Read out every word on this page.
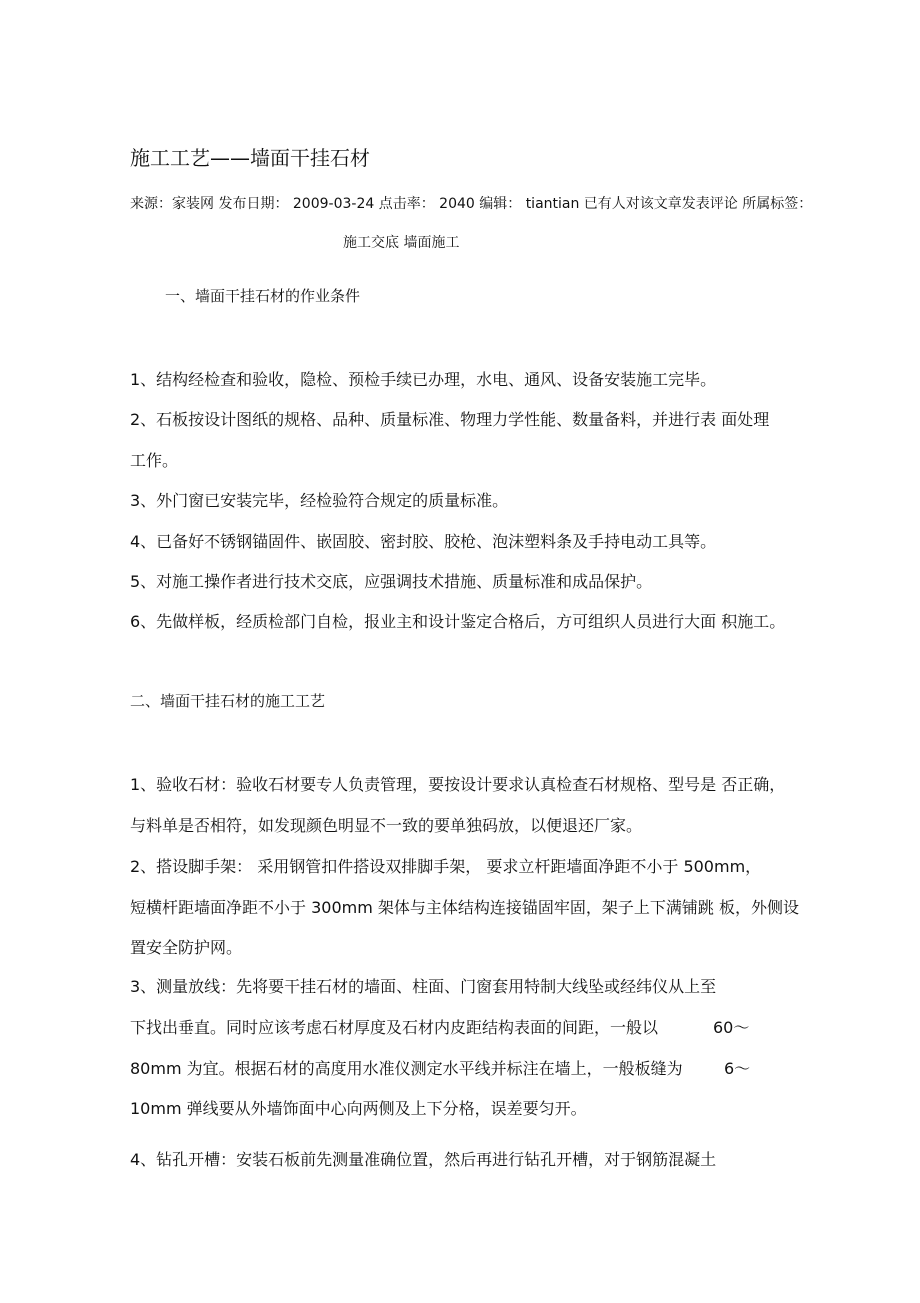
施工工艺——墙面干挂石材
来源：家装网 发布日期： 2009-03-24 点击率： 2040 编辑： tiantian 已有人对该文章发表评论 所属标签：
施工交底 墙面施工
一、墙面干挂石材的作业条件
1、结构经检查和验收，隐检、预检手续已办理，水电、通风、设备安装施工完毕。
2、石板按设计图纸的规格、品种、质量标准、物理力学性能、数量备料，并进行表 面处理
工作。
3、外门窗已安装完毕，经检验符合规定的质量标准。
4、已备好不锈钢锚固件、嵌固胶、密封胶、胶枪、泡沫塑料条及手持电动工具等。
5、对施工操作者进行技术交底，应强调技术措施、质量标准和成品保护。
6、先做样板，经质检部门自检，报业主和设计鉴定合格后，方可组织人员进行大面 积施工。
二、墙面干挂石材的施工工艺
1、验收石材：验收石材要专人负责管理，要按设计要求认真检查石材规格、型号是 否正确，
与料单是否相符，如发现颜色明显不一致的要单独码放，以便退还厂家。
2、搭设脚手架： 采用钢管扣件搭设双排脚手架， 要求立杆距墙面净距不小于 500mm，
短横杆距墙面净距不小于 300mm 架体与主体结构连接锚固牢固，架子上下满铺跳 板，外侧设
置安全防护网。
3、测量放线：先将要干挂石材的墙面、柱面、门窗套用特制大线坠或经纬仪从上至
下找出垂直。同时应该考虑石材厚度及石材内皮距结构表面的间距，一般以	60～
80mm 为宜。根据石材的高度用水准仪测定水平线并标注在墙上，一般板缝为	6～
10mm 弹线要从外墙饰面中心向两侧及上下分格，误差要匀开。
4、钻孔开槽：安装石板前先测量准确位置，然后再进行钻孔开槽，对于钢筋混凝土
